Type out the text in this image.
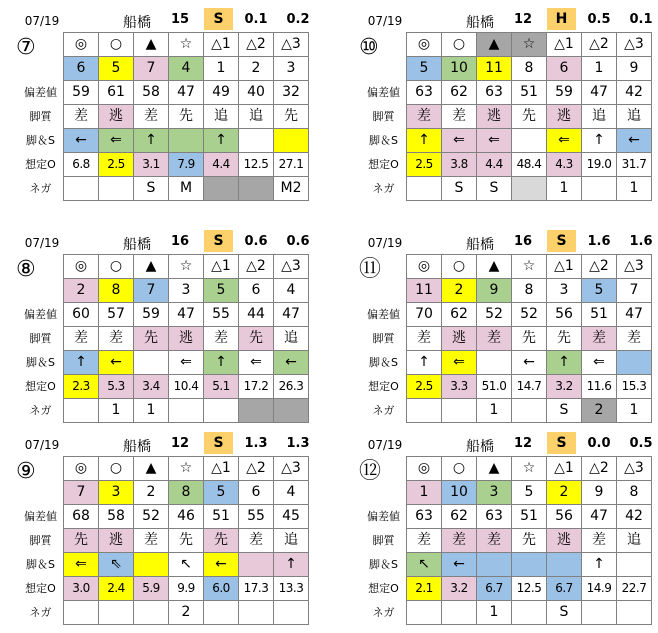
07/19	船橋	15	S	0.1	0.2
⑦
		◎	○	▲	☆	△1	△2	△3
	6	5	7	4	1	2	3
偏差値	59	61	58	47	49	40	32
脚質	差	逃	差	先	追	追	先
脚＆S	←	⇐	↑		↑		
想定O	6.8	2.5	3.1	7.9	4.4	12.5	27.1
ネガ			S	M			M2
07/19	船橋	12	H	0.5	0.1
⑩
		◎	○	▲	☆	△1	△2	△3
	5	10	11	8	6	1	9
偏差値	63	62	63	51	59	47	42
脚質	差	差	逃	先	逃	追	追
脚＆S	↑	⇐	⇐		⇐	↑	←
想定O	2.5	3.8	4.4	48.4	4.3	19.0	31.7
ネガ		S	S		1		1
07/19	船橋	16	S	0.6	0.6
⑧
		◎	○	▲	☆	△1	△2	△3
	2	8	7	3	5	6	4
偏差値	60	57	59	47	55	44	47
脚質	差	差	先	逃	差	先	追
脚＆S	↑	←		⇐	↑	⇐	←
想定O	2.3	5.3	3.4	10.4	5.1	17.2	26.3
ネガ		1	1				
07/19	船橋	16	S	1.6	1.6
⑪
		◎	○	▲	☆	△1	△2	△3
	11	2	9	8	3	5	7
偏差値	70	62	52	52	56	51	47
脚質	差	逃	差	先	先	差	差
脚＆S	↑	⇐		←	↑	⇐	
想定O	2.5	3.3	51.0	14.7	3.2	11.6	15.3
ネガ			1		S	2	1
07/19	船橋	12	S	1.3	1.3
⑨
		◎	○	▲	☆	△1	△2	△3
	7	3	2	8	5	6	4
偏差値	68	58	52	46	51	55	45
脚質	先	逃	差	先	先	差	追
脚＆S	⇐	⇖		↖	←		↑
想定O	3.0	2.4	5.9	9.9	6.0	17.3	13.3
ネガ				2			
07/19	船橋	12	S	0.0	0.5
⑫
		◎	○	▲	☆	△1	△2	△3
	1	10	3	5	2	9	8
偏差値	63	62	63	51	56	47	42
脚質	差	差	差	先	逃	差	追
脚＆S	↖	←				↑	
想定O	2.1	3.2	6.7	12.5	6.7	14.9	22.7
ネガ			1		S		
